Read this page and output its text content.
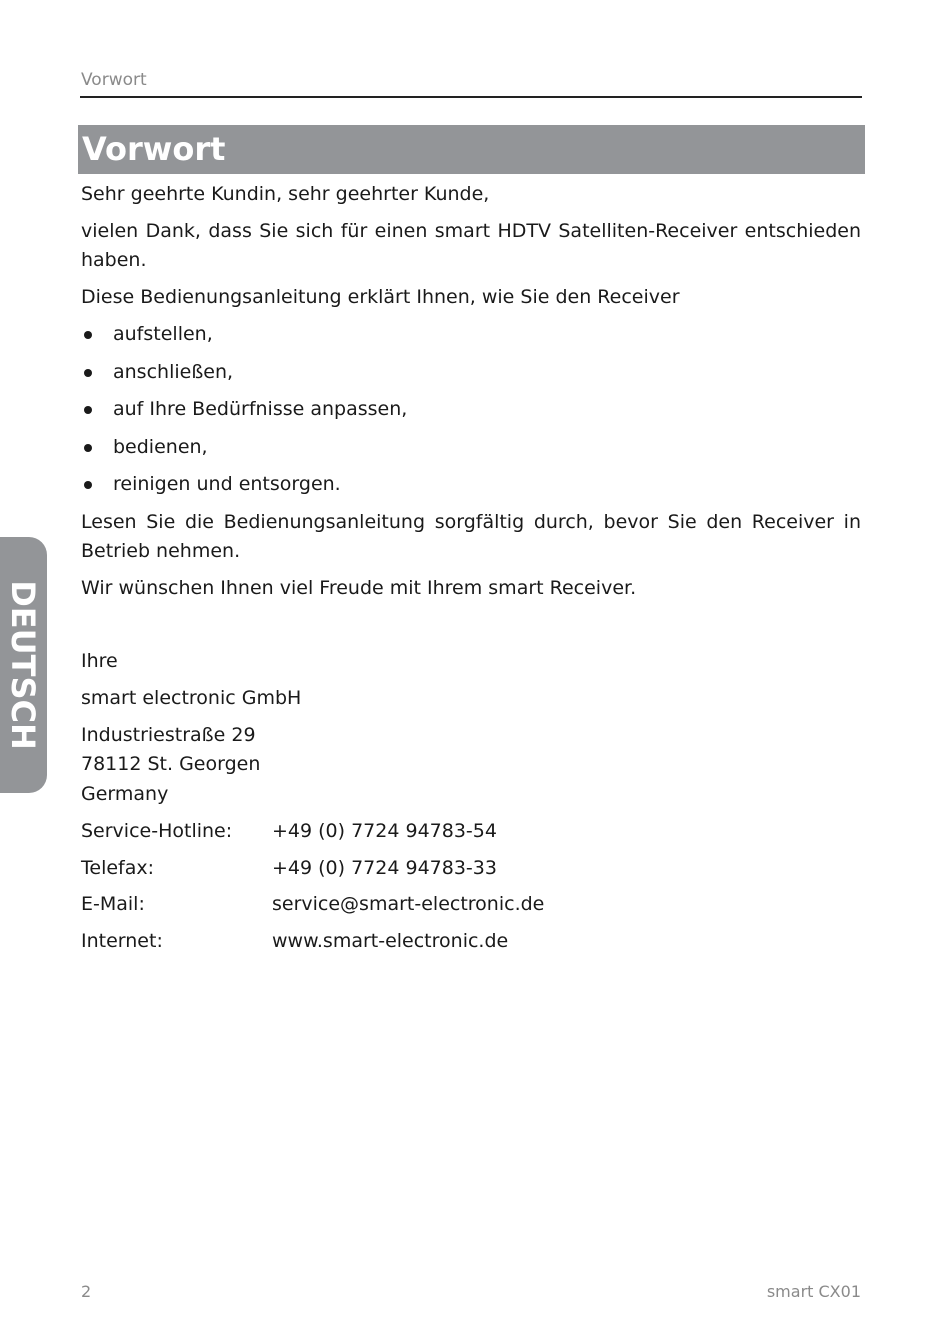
Vorwort
Vorwort

Sehr geehrte Kundin, sehr geehrter Kunde,

vielen Dank, dass Sie sich für einen smart HDTV Satelliten-Receiver entschieden haben.

Diese Bedienungsanleitung erklärt Ihnen, wie Sie den Receiver

aufstellen,
anschließen,
auf Ihre Bedürfnisse anpassen,
bedienen,
reinigen und entsorgen.

Lesen Sie die Bedienungsanleitung sorgfältig durch, bevor Sie den Receiver in Betrieb nehmen.

Wir wünschen Ihnen viel Freude mit Ihrem smart Receiver.

Ihre

smart electronic GmbH

Industriestraße 29
78112 St. Georgen
Germany
Service-Hotline:	+49 (0) 7724 94783-54
Telefax:	+49 (0) 7724 94783-33
E-Mail:	service@smart-electronic.de
Internet:	www.smart-electronic.de
DEUTSCH
2	smart CX01
